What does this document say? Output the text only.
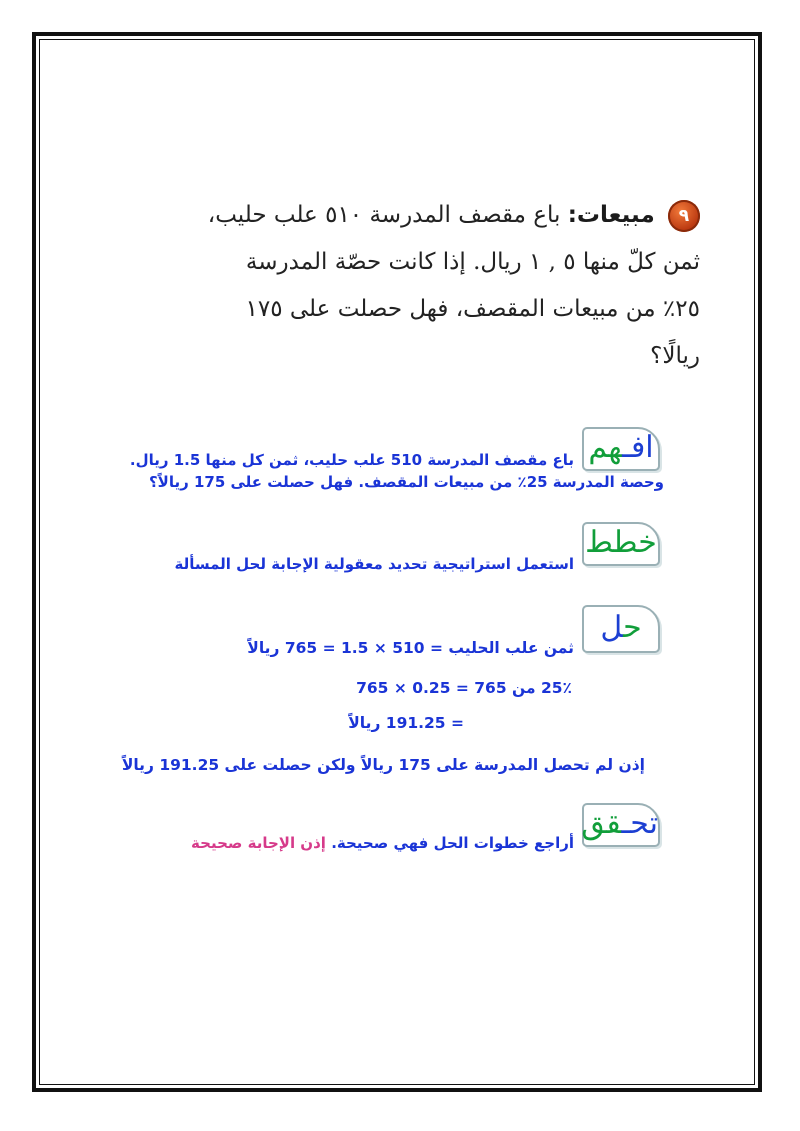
٩ مبيعات: باع مقصف المدرسة ٥١٠ علب حليب،
ثمن كلّ منها ٥ , ١ ريال. إذا كانت حصّة المدرسة
٢٥٪ من مبيعات المقصف، فهل حصلت على ١٧٥
ريالًا؟
افـهم
باع مقصف المدرسة 510 علب حليب، ثمن كل منها 1.5 ريال.
وحصة المدرسة 25٪ من مبيعات المقصف. فهل حصلت على 175 ريالاً؟
خطط
استعمل استراتيجية تحديد معقولية الإجابة لحل المسألة
حل
ثمن علب الحليب = 510 × 1.5 = 765 ريالاً
25٪ من 765 = 0.25 × 765
= 191.25 ريالاً
إذن لم تحصل المدرسة على 175 ريالاً ولكن حصلت على 191.25 ريالاً
تحـقق
أراجع خطوات الحل فهي صحيحة. إذن الإجابة صحيحة
